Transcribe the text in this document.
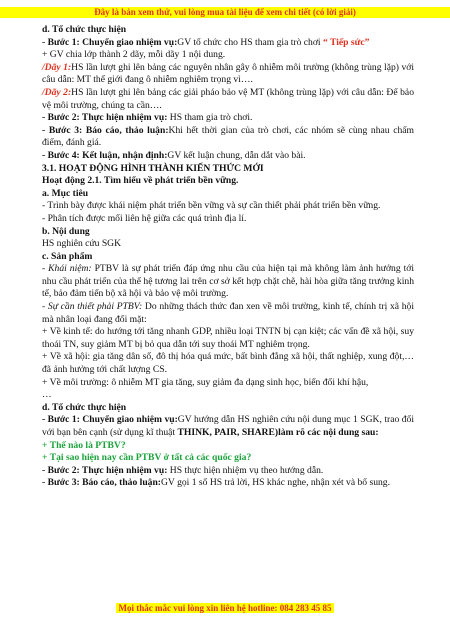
Đây là bản xem thử, vui lòng mua tài liệu để xem chi tiết (có lời giải)

d. Tổ chức thực hiện

- Bước 1: Chuyển giao nhiệm vụ:GV tổ chức cho HS tham gia trò chơi “ Tiếp sức”

+ GV chia lớp thành 2 dãy, mỗi dãy 1 nội dung.

/Dãy 1:HS lần lượt ghi lên bảng các nguyên nhân gây ô nhiễm môi trường (không trùng lặp) với câu dẫn: MT thế giới đang ô nhiễm nghiêm trọng vì….

/Dãy 2:HS lần lượt ghi lên bảng các giải pháo bảo vệ MT (không trùng lặp) với câu dẫn: Để bảo vệ môi trường, chúng ta cần….

- Bước 2: Thực hiện nhiệm vụ: HS tham gia trò chơi.

- Bước 3: Báo cáo, thảo luận:Khi hết thời gian của trò chơi, các nhóm sẽ cùng nhau chấm điểm, đánh giá.

- Bước 4: Kết luận, nhận định:GV kết luận chung, dẫn dắt vào bài.

3.1. HOẠT ĐỘNG HÌNH THÀNH KIẾN THỨC MỚI

Hoạt động 2.1. Tìm hiểu về phát triển bền vững.

a. Mục tiêu

- Trình bày được khái niệm phát triển bền vững và sự cần thiết phải phát triển bền vững.

- Phân tích được mối liên hệ giữa các quá trình địa lí.

b. Nội dung

HS nghiên cứu SGK

c. Sản phẩm

- Khái niệm: PTBV là sự phát triển đáp ứng nhu cầu của hiện tại mà không làm ảnh hưởng tới nhu cầu phát triển của thế hệ tương lai trên cơ sở kết hợp chặt chẽ, hài hòa giữa tăng trưởng kinh tế, bảo đảm tiến bộ xã hội và bảo vệ môi trường.

- Sự cần thiết phải PTBV: Do những thách thức đan xen về môi trường, kinh tế, chính trị xã hội mà nhân loại đang đối mặt:

+ Về kinh tế: do hướng tới tăng nhanh GDP, nhiều loại TNTN bị cạn kiệt; các vấn đề xã hội, suy thoái TN, suy giảm MT bị bỏ qua dẫn tới suy thoái MT nghiêm trọng.

+ Về xã hội: gia tăng dân số, đô thị hóa quá mức, bất bình đẳng xã hội, thất nghiệp, xung đột,… đã ảnh hưởng tới chất lượng CS.

+ Về môi trường: ô nhiễm MT gia tăng, suy giảm đa dạng sinh học, biến đổi khí hậu,

…

d. Tổ chức thực hiện

- Bước 1: Chuyển giao nhiệm vụ:GV hướng dẫn HS nghiên cứu nội dung mục 1 SGK, trao đổi với bạn bên cạnh (sử dụng kĩ thuật THINK, PAIR, SHARE)làm rõ các nội dung sau:

+ Thế nào là PTBV?

+ Tại sao hiện nay cần PTBV ở tất cả các quốc gia?

- Bước 2: Thực hiện nhiệm vụ: HS thực hiện nhiệm vụ theo hướng dẫn.

- Bước 3: Báo cáo, thảo luận:GV gọi 1 số HS trả lời, HS khác nghe, nhận xét và bổ sung.

Mọi thắc mắc vui lòng xin liên hệ hotline: 084 283 45 85
